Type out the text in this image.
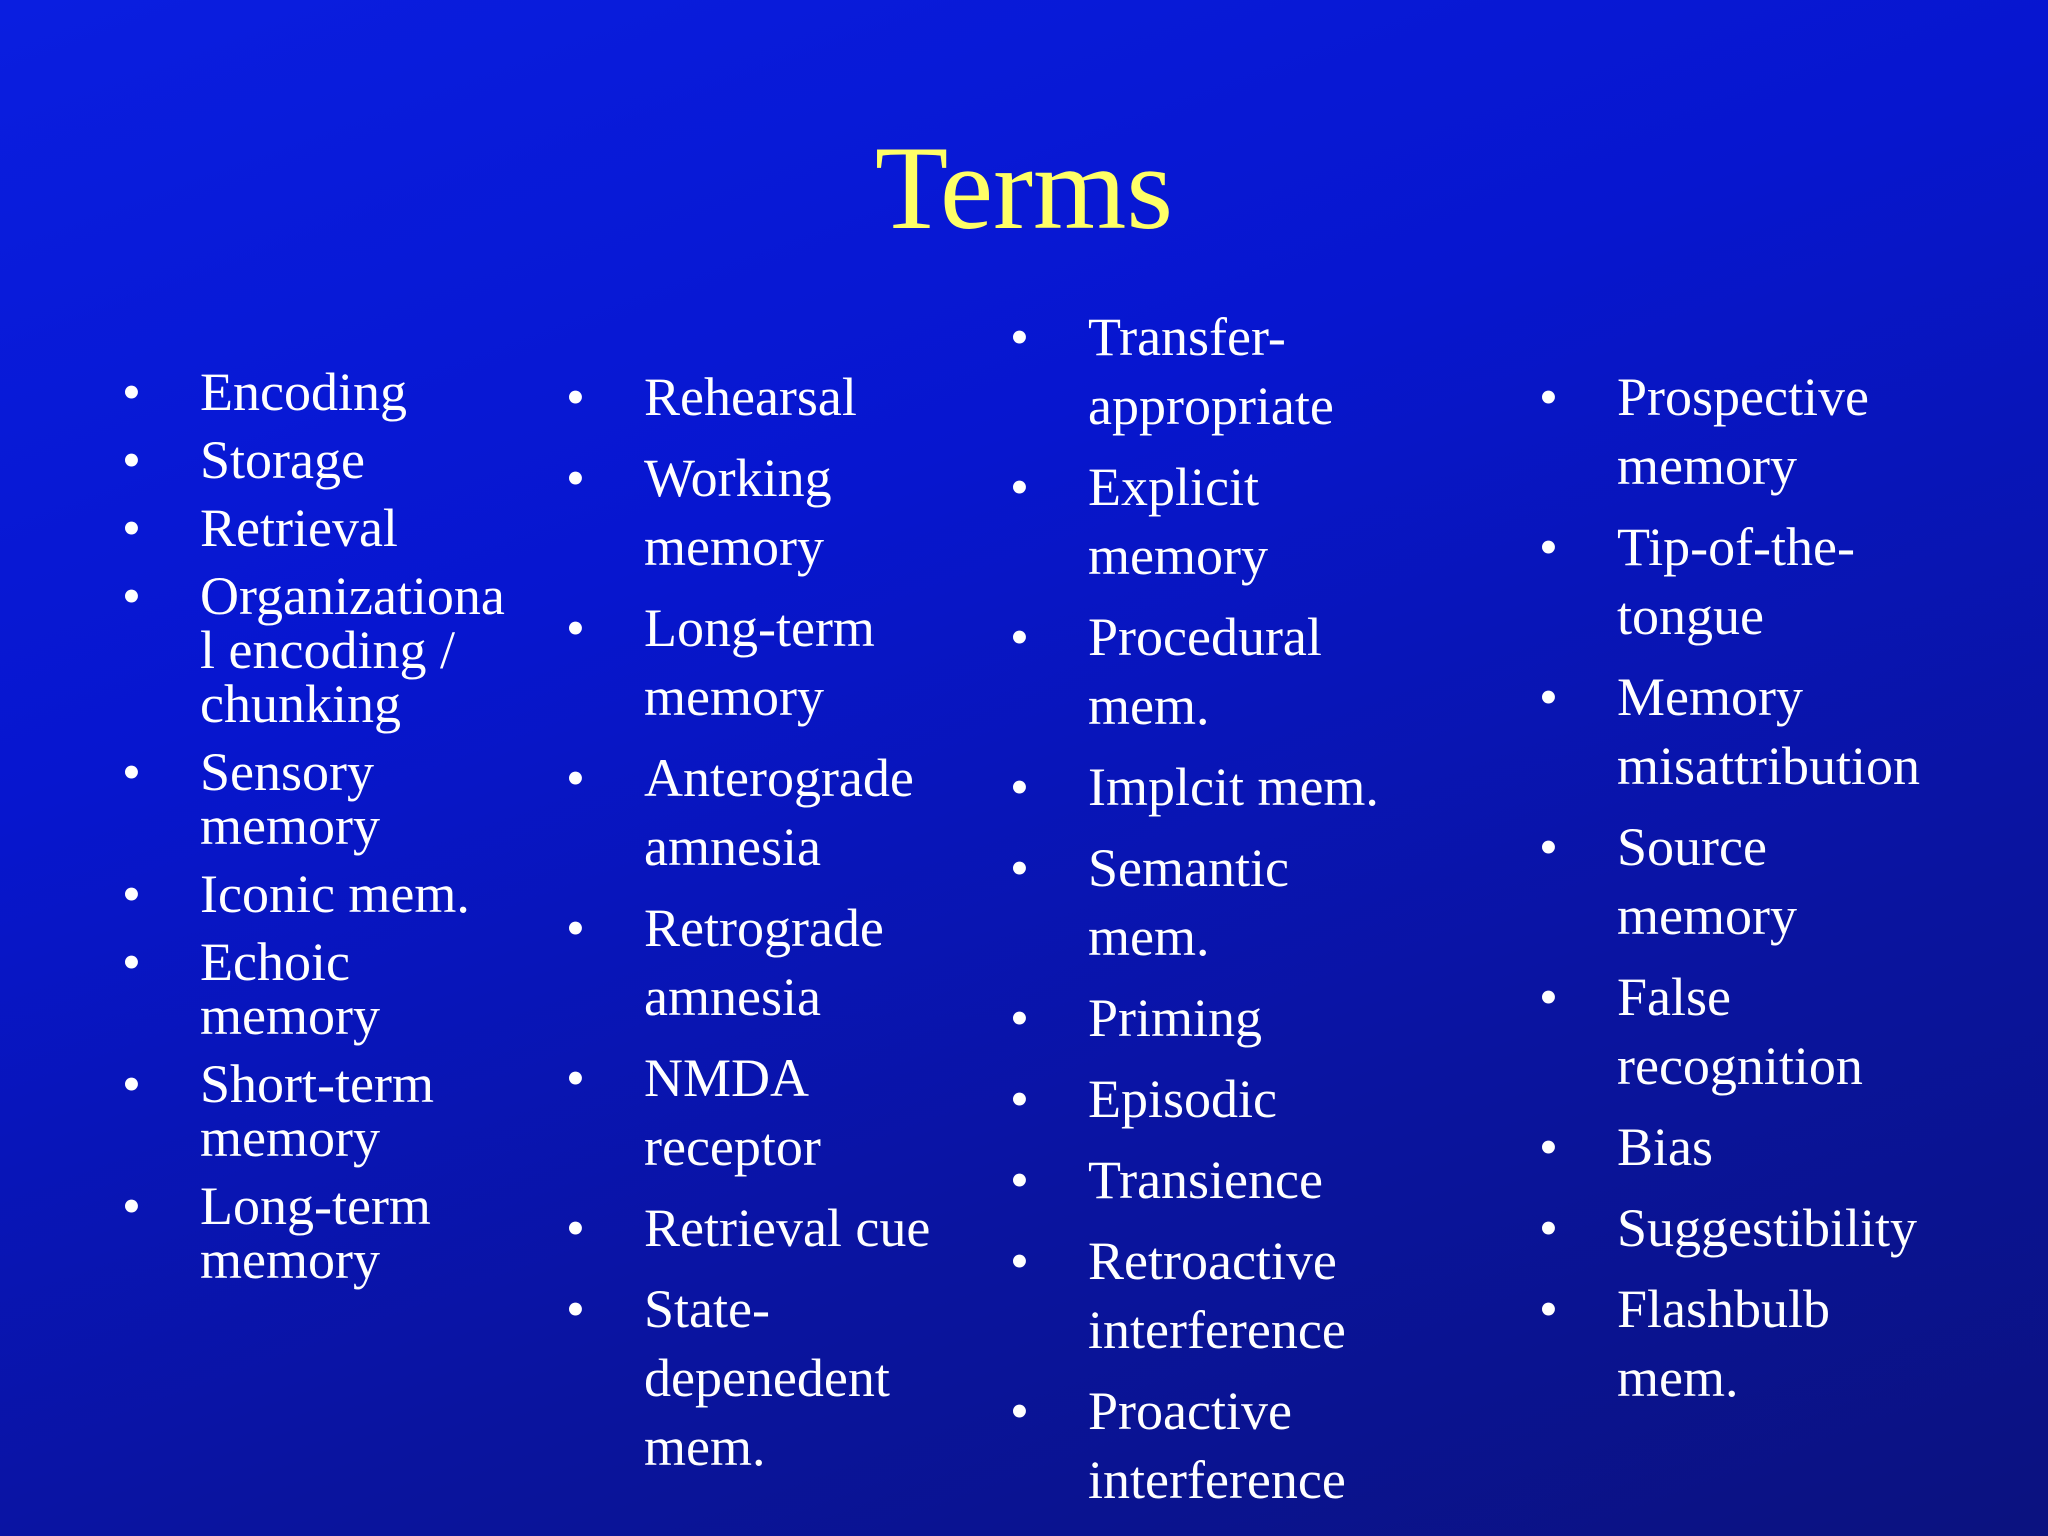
Terms
• Encoding
• Storage
• Retrieval
• Organizationa
l encoding /
chunking
• Sensory
memory
• Iconic mem.
• Echoic
memory
• Short-term
memory
• Long-term
memory
• Rehearsal
• Working
memory
• Long-term
memory
• Anterograde
amnesia
• Retrograde
amnesia
• NMDA
receptor
• Retrieval cue
• State-
depenedent
mem.
• Transfer-
appropriate
• Explicit
memory
• Procedural
mem.
• Implcit mem.
• Semantic
mem.
• Priming
• Episodic
• Transience
• Retroactive
interference
• Proactive
interference
• Prospective
memory
• Tip-of-the-
tongue
• Memory
misattribution
• Source
memory
• False
recognition
• Bias
• Suggestibility
• Flashbulb
mem.
